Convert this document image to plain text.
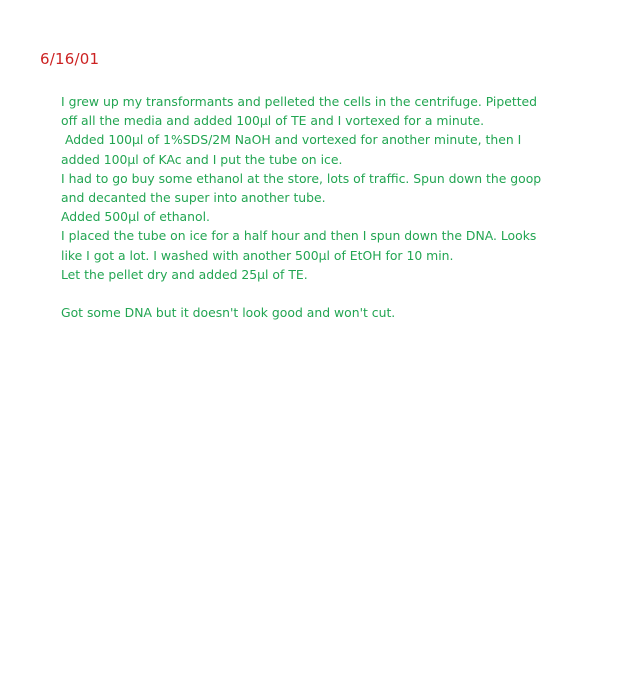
6/16/01
I grew up my transformants and pelleted the cells in the centrifuge. Pipetted
off all the media and added 100µl of TE and I vortexed for a minute.
Added 100µl of 1%SDS/2M NaOH and vortexed for another minute, then I
added 100µl of KAc and I put the tube on ice.
I had to go buy some ethanol at the store, lots of traffic. Spun down the goop
and decanted the super into another tube.
Added 500µl of ethanol.
I placed the tube on ice for a half hour and then I spun down the DNA. Looks
like I got a lot. I washed with another 500µl of EtOH for 10 min.
Let the pellet dry and added 25µl of TE.
Got some DNA but it doesn't look good and won't cut.
